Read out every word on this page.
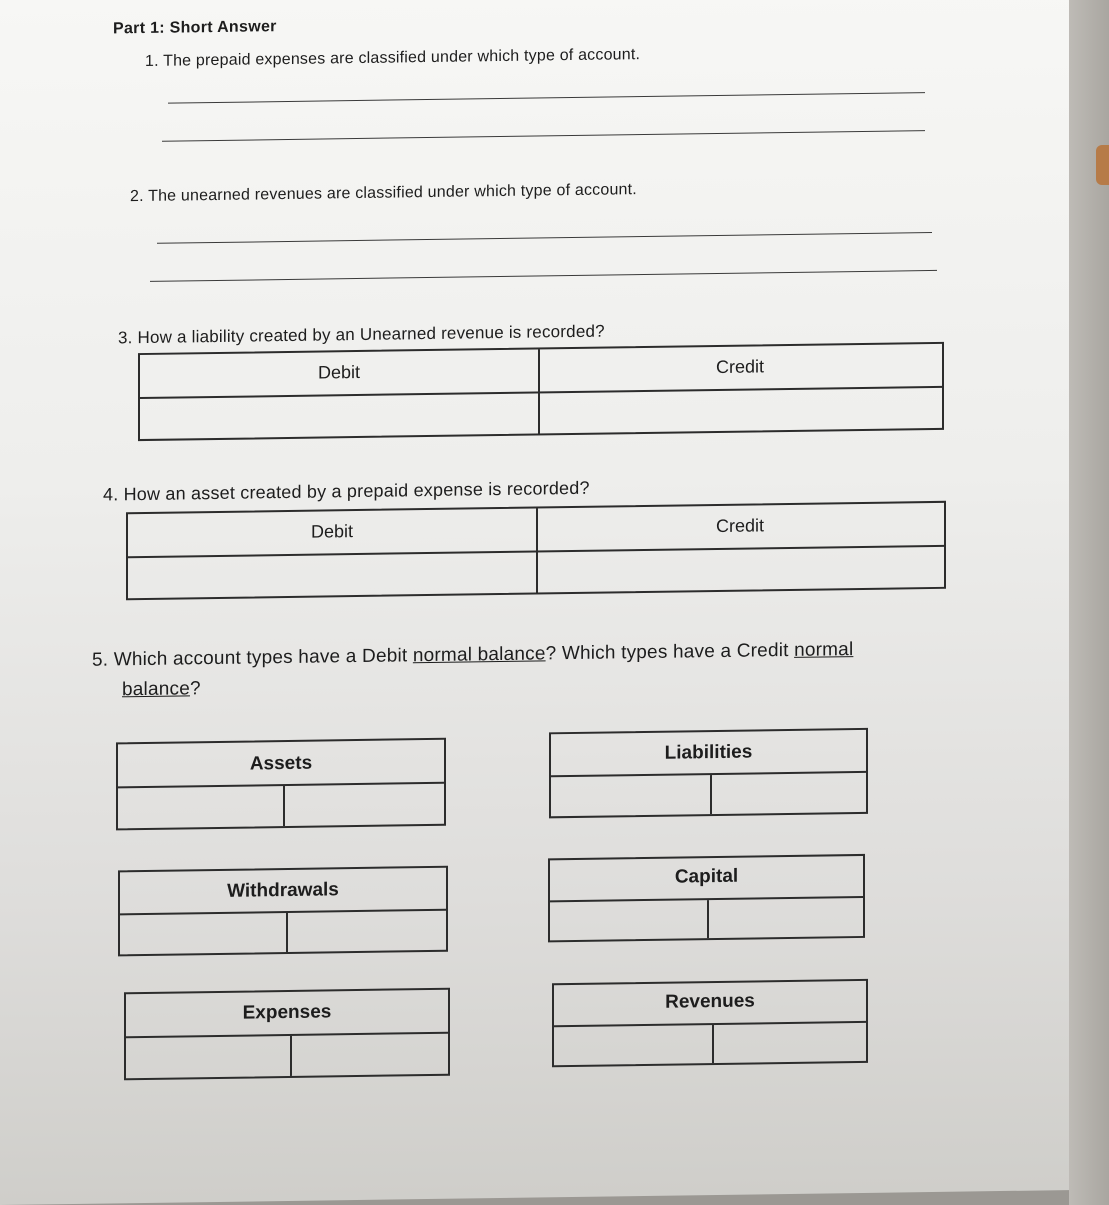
Part 1: Short Answer
1. The prepaid expenses are classified under which type of account.
2. The unearned revenues are classified under which type of account.
3. How a liability created by an Unearned revenue is recorded?
Debit	Credit
4. How an asset created by a prepaid expense is recorded?
Debit	Credit
5. Which account types have a Debit normal balance? Which types have a Credit normal
balance?
Assets	Liabilities
Withdrawals
Capital
Expenses	Revenues
